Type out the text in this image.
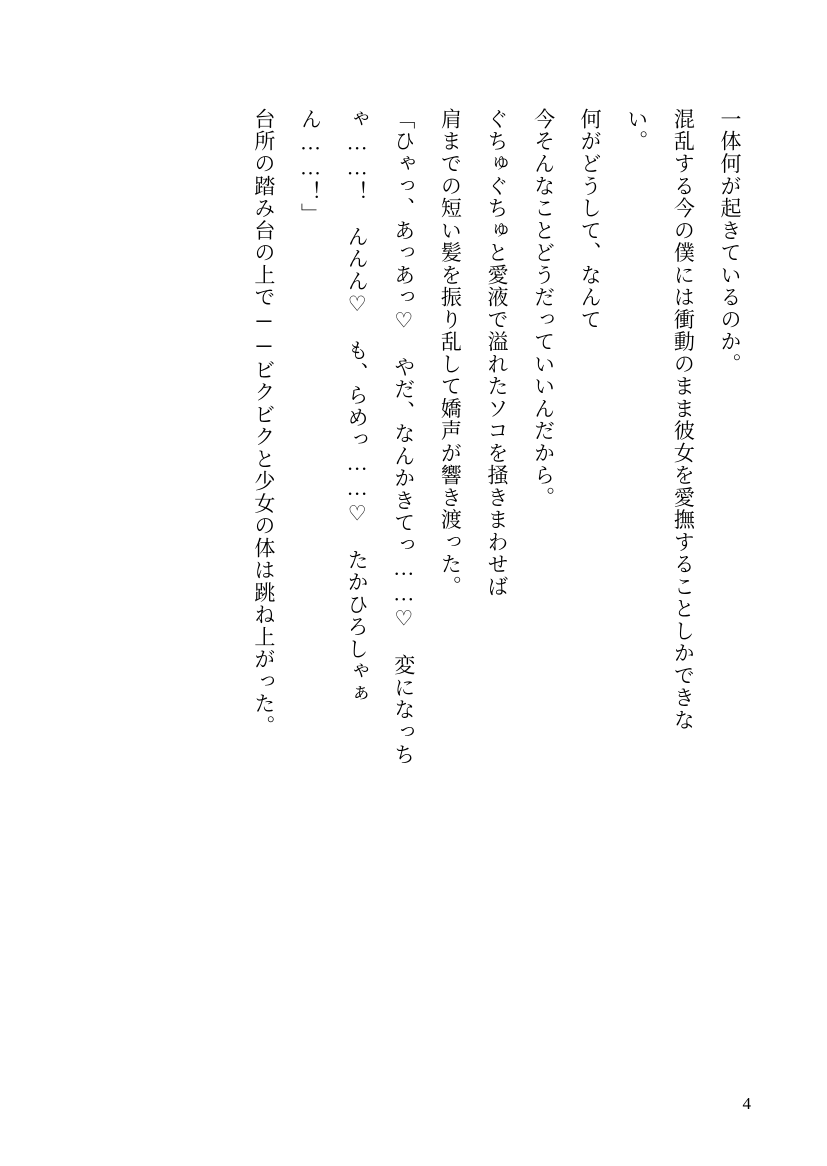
一体何が起きているのか。

混乱する今の僕には衝動のまま彼女を愛撫することしかできない。

何がどうして、なんて

今そんなことどうだっていいんだから。

ぐちゅぐちゅと愛液で溢れたソコを掻きまわせば

肩までの短い髪を振り乱して嬌声が響き渡った。

「ひゃっ、あっあっ♡　やだ、なんかきてっ……♡　変になっちゃ……！　んんん♡　も、らめっ……♡　たかひろしゃぁん……！」

台所の踏み台の上で──ビクビクと少女の体は跳ね上がった。

4
